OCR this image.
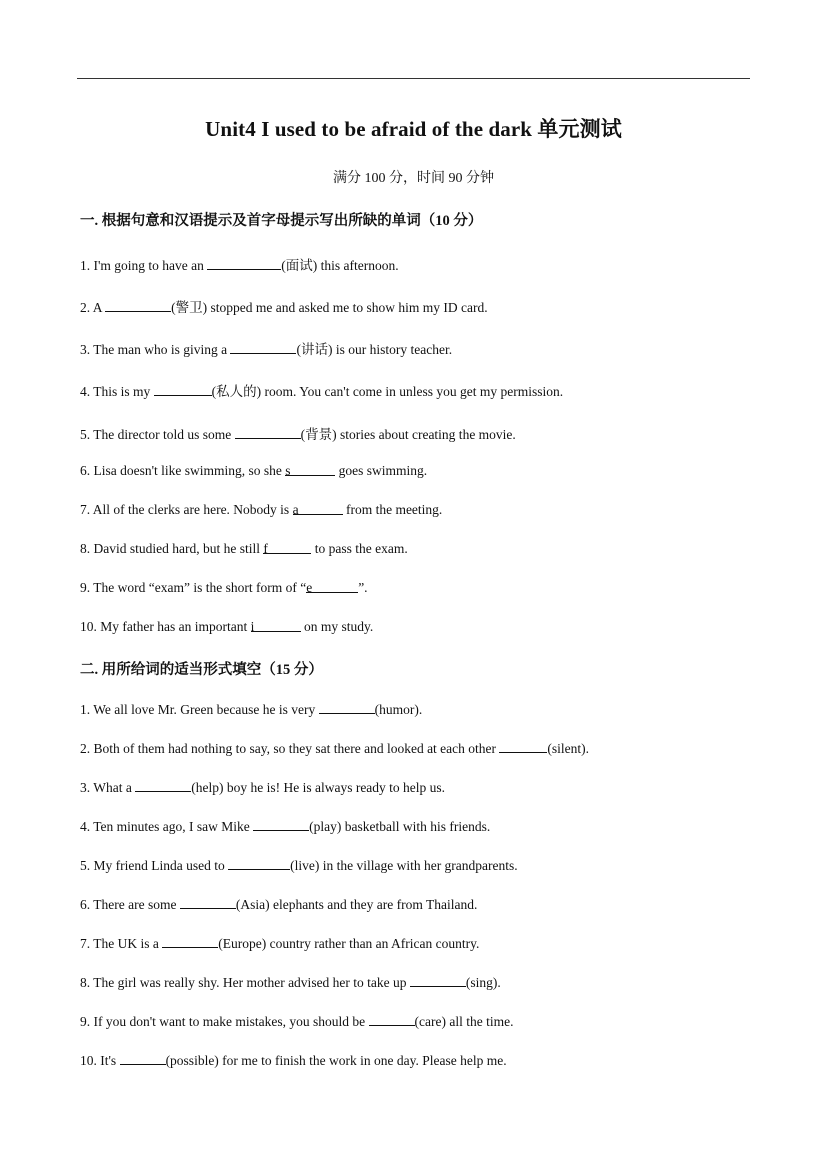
Unit4 I used to be afraid of the dark 单元测试
满分 100 分，时间 90 分钟
一. 根据句意和汉语提示及首字母提示写出所缺的单词（10 分）
1. I'm going to have an	(面试) this afternoon.
2. A	(警卫) stopped me and asked me to show him my ID card.
3. The man who is giving a	(讲话) is our history teacher.
4. This is my	(私人的) room. You can't come in unless you get my permission.
5. The director told us some	(背景) stories about creating the movie.
6. Lisa doesn't like swimming, so she s	goes swimming.
7. All of the clerks are here. Nobody is a	from the meeting.
8. David studied hard, but he still f	to pass the exam.
9. The word “exam” is the short form of “e	”.
10. My father has an important i	on my study.
二. 用所给词的适当形式填空（15 分）
1. We all love Mr. Green because he is very	(humor).
2. Both of them had nothing to say, so they sat there and looked at each other	(silent).
3. What a	(help) boy he is! He is always ready to help us.
4. Ten minutes ago, I saw Mike	(play) basketball with his friends.
5. My friend Linda used to	(live) in the village with her grandparents.
6. There are some	(Asia) elephants and they are from Thailand.
7. The UK is a	(Europe) country rather than an African country.
8. The girl was really shy. Her mother advised her to take up	(sing).
9. If you don't want to make mistakes, you should be	(care) all the time.
10. It's	(possible) for me to finish the work in one day. Please help me.
